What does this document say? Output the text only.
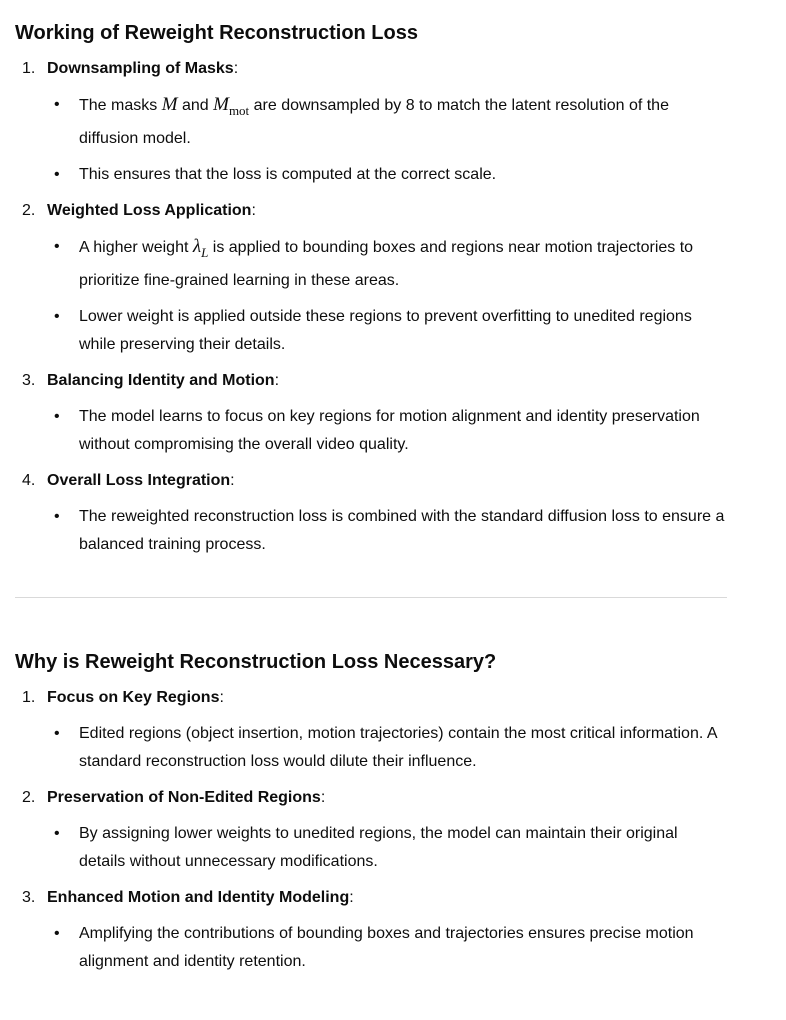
Working of Reweight Reconstruction Loss
1. Downsampling of Masks :
• The masks M and $M_{mot}$ are downsampled by 8 to match the latent resolution of the diffusion model.
• This ensures that the loss is computed at the correct scale.
2. Weighted Loss Application :
• A higher weight $\lambda_L$ is applied to bounding boxes and regions near motion trajectories to prioritize fine-grained learning in these areas.
• Lower weight is applied outside these regions to prevent overfitting to unedited regions while preserving their details.
3. Balancing Identity and Motion :
• The model learns to focus on key regions for motion alignment and identity preservation without compromising the overall video quality.
4. Overall Loss Integration :
• The reweighted reconstruction loss is combined with the standard diffusion loss to ensure a balanced training process.
Why is Reweight Reconstruction Loss Necessary?
1. Focus on Key Regions :
• Edited regions (object insertion, motion trajectories) contain the most critical information. A standard reconstruction loss would dilute their influence.
2. Preservation of Non-Edited Regions :
• By assigning lower weights to unedited regions, the model can maintain their original details without unnecessary modifications.
3. Enhanced Motion and Identity Modeling :
• Amplifying the contributions of bounding boxes and trajectories ensures precise motion alignment and identity retention.
